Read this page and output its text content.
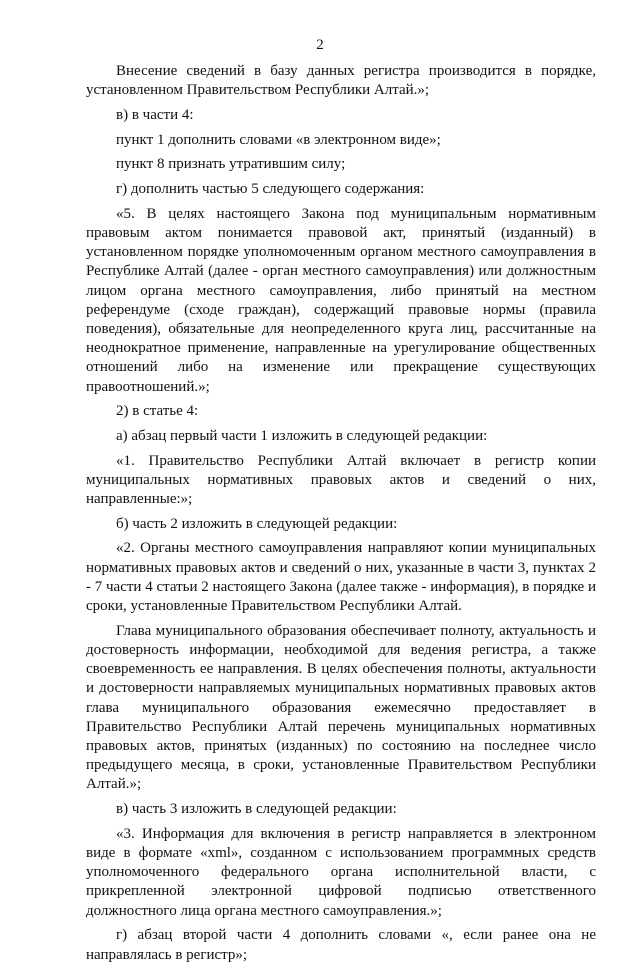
2

Внесение сведений в базу данных регистра производится в порядке, установленном Правительством Республики Алтай.»;

в) в части 4:

пункт 1 дополнить словами «в электронном виде»;

пункт 8 признать утратившим силу;

г) дополнить частью 5 следующего содержания:

«5. В целях настоящего Закона под муниципальным нормативным правовым актом понимается правовой акт, принятый (изданный) в установленном порядке уполномоченным органом местного самоуправления в Республике Алтай (далее - орган местного самоуправления) или должностным лицом органа местного самоуправления, либо принятый на местном референдуме (сходе граждан), содержащий правовые нормы (правила поведения), обязательные для неопределенного круга лиц, рассчитанные на неоднократное применение, направленные на урегулирование общественных отношений либо на изменение или прекращение существующих правоотношений.»;

2) в статье 4:

а) абзац первый части 1 изложить в следующей редакции:

«1. Правительство Республики Алтай включает в регистр копии муниципальных нормативных правовых актов и сведений о них, направленные:»;

б) часть 2 изложить в следующей редакции:

«2. Органы местного самоуправления направляют копии муниципальных нормативных правовых актов и сведений о них, указанные в части 3, пунктах 2 - 7 части 4 статьи 2 настоящего Закона (далее также - информация), в порядке и сроки, установленные Правительством Республики Алтай.

Глава муниципального образования обеспечивает полноту, актуальность и достоверность информации, необходимой для ведения регистра, а также своевременность ее направления. В целях обеспечения полноты, актуальности и достоверности направляемых муниципальных нормативных правовых актов глава муниципального образования ежемесячно предоставляет в Правительство Республики Алтай перечень муниципальных нормативных правовых актов, принятых (изданных) по состоянию на последнее число предыдущего месяца, в сроки, установленные Правительством Республики Алтай.»;

в) часть 3 изложить в следующей редакции:

«3. Информация для включения в регистр направляется в электронном виде в формате «xml», созданном с использованием программных средств уполномоченного федерального органа исполнительной власти, с прикрепленной электронной цифровой подписью ответственного должностного лица органа местного самоуправления.»;

г) абзац второй части 4 дополнить словами «, если ранее она не направлялась в регистр»;
